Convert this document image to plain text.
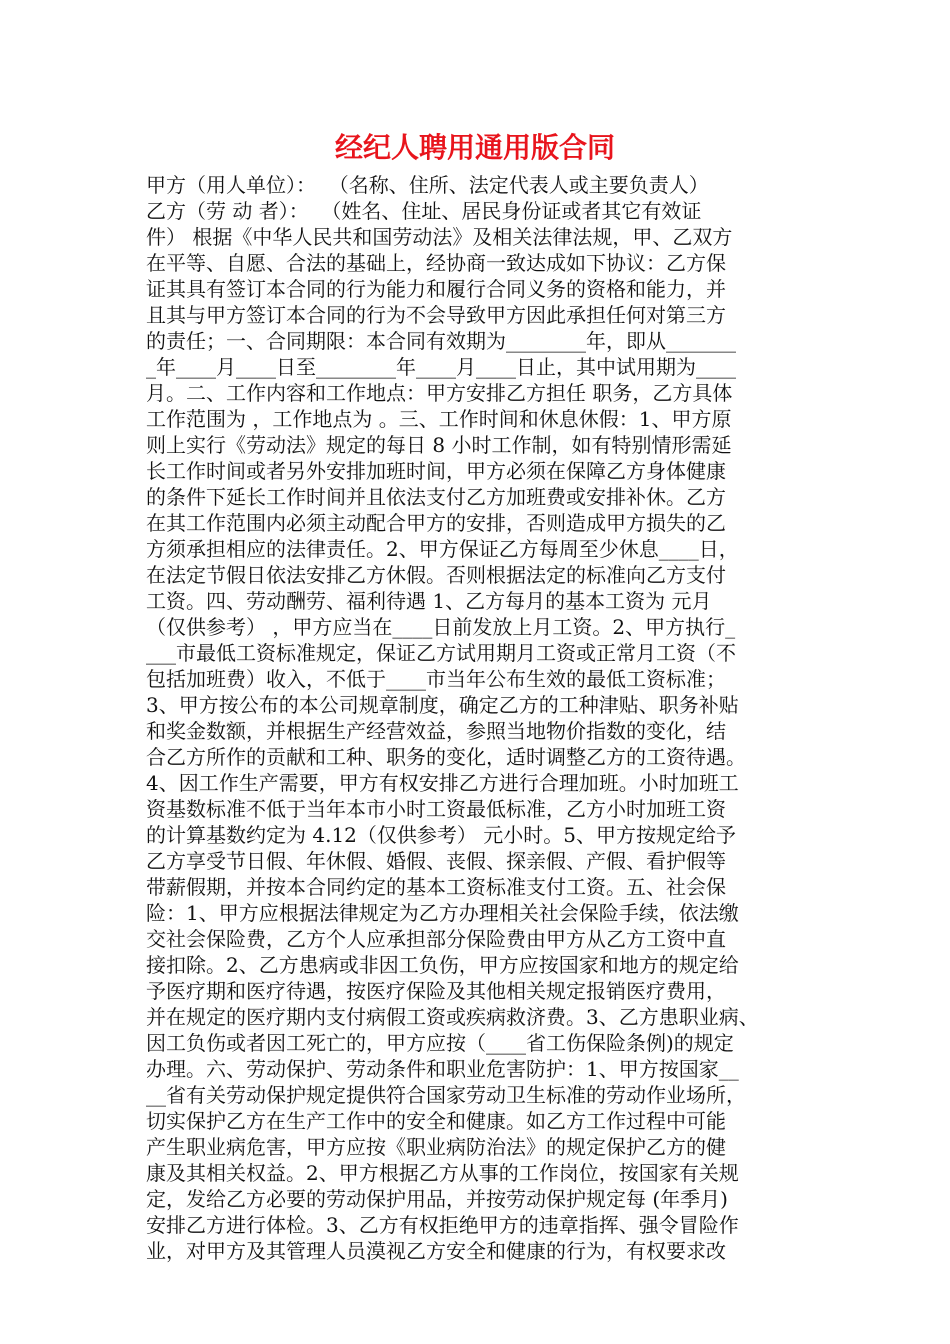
经纪人聘用通用版合同
甲方（用人单位）：  （名称、住所、法定代表人或主要负责人）
乙方（劳 动 者）：  （姓名、住址、居民身份证或者其它有效证
件） 根据《中华人民共和国劳动法》及相关法律法规，甲、乙双方
在平等、自愿、合法的基础上，经协商一致达成如下协议：乙方保
证其具有签订本合同的行为能力和履行合同义务的资格和能力，并
且其与甲方签订本合同的行为不会导致甲方因此承担任何对第三方
的责任；一、合同期限：本合同有效期为________年，即从_______
_年____月____日至________年____月____日止，其中试用期为____
月。二、工作内容和工作地点：甲方安排乙方担任 职务，乙方具体
工作范围为 ，工作地点为 。三、工作时间和休息休假：1、甲方原
则上实行《劳动法》规定的每日 8 小时工作制，如有特别情形需延
长工作时间或者另外安排加班时间，甲方必须在保障乙方身体健康
的条件下延长工作时间并且依法支付乙方加班费或安排补休。乙方
在其工作范围内必须主动配合甲方的安排，否则造成甲方损失的乙
方须承担相应的法律责任。2、甲方保证乙方每周至少休息____日，
在法定节假日依法安排乙方休假。否则根据法定的标准向乙方支付
工资。四、劳动酬劳、福利待遇 1、乙方每月的基本工资为 元月
（仅供参考） ，甲方应当在____日前发放上月工资。2、甲方执行_
___市最低工资标准规定，保证乙方试用期月工资或正常月工资（不
包括加班费）收入，不低于____市当年公布生效的最低工资标准；
3、甲方按公布的本公司规章制度，确定乙方的工种津贴、职务补贴
和奖金数额，并根据生产经营效益，参照当地物价指数的变化，结
合乙方所作的贡献和工种、职务的变化，适时调整乙方的工资待遇。
4、因工作生产需要，甲方有权安排乙方进行合理加班。小时加班工
资基数标准不低于当年本市小时工资最低标准，乙方小时加班工资
的计算基数约定为 4.12（仅供参考） 元小时。5、甲方按规定给予
乙方享受节日假、年休假、婚假、丧假、探亲假、产假、看护假等
带薪假期，并按本合同约定的基本工资标准支付工资。五、社会保
险：1、甲方应根据法律规定为乙方办理相关社会保险手续，依法缴
交社会保险费，乙方个人应承担部分保险费由甲方从乙方工资中直
接扣除。2、乙方患病或非因工负伤，甲方应按国家和地方的规定给
予医疗期和医疗待遇，按医疗保险及其他相关规定报销医疗费用，
并在规定的医疗期内支付病假工资或疾病救济费。3、乙方患职业病、
因工负伤或者因工死亡的，甲方应按（____省工伤保险条例)的规定
办理。六、劳动保护、劳动条件和职业危害防护：1、甲方按国家__
__省有关劳动保护规定提供符合国家劳动卫生标准的劳动作业场所，
切实保护乙方在生产工作中的安全和健康。如乙方工作过程中可能
产生职业病危害，甲方应按《职业病防治法》的规定保护乙方的健
康及其相关权益。2、甲方根据乙方从事的工作岗位，按国家有关规
定，发给乙方必要的劳动保护用品，并按劳动保护规定每 (年季月)
安排乙方进行体检。3、乙方有权拒绝甲方的违章指挥、强令冒险作
业，对甲方及其管理人员漠视乙方安全和健康的行为，有权要求改
